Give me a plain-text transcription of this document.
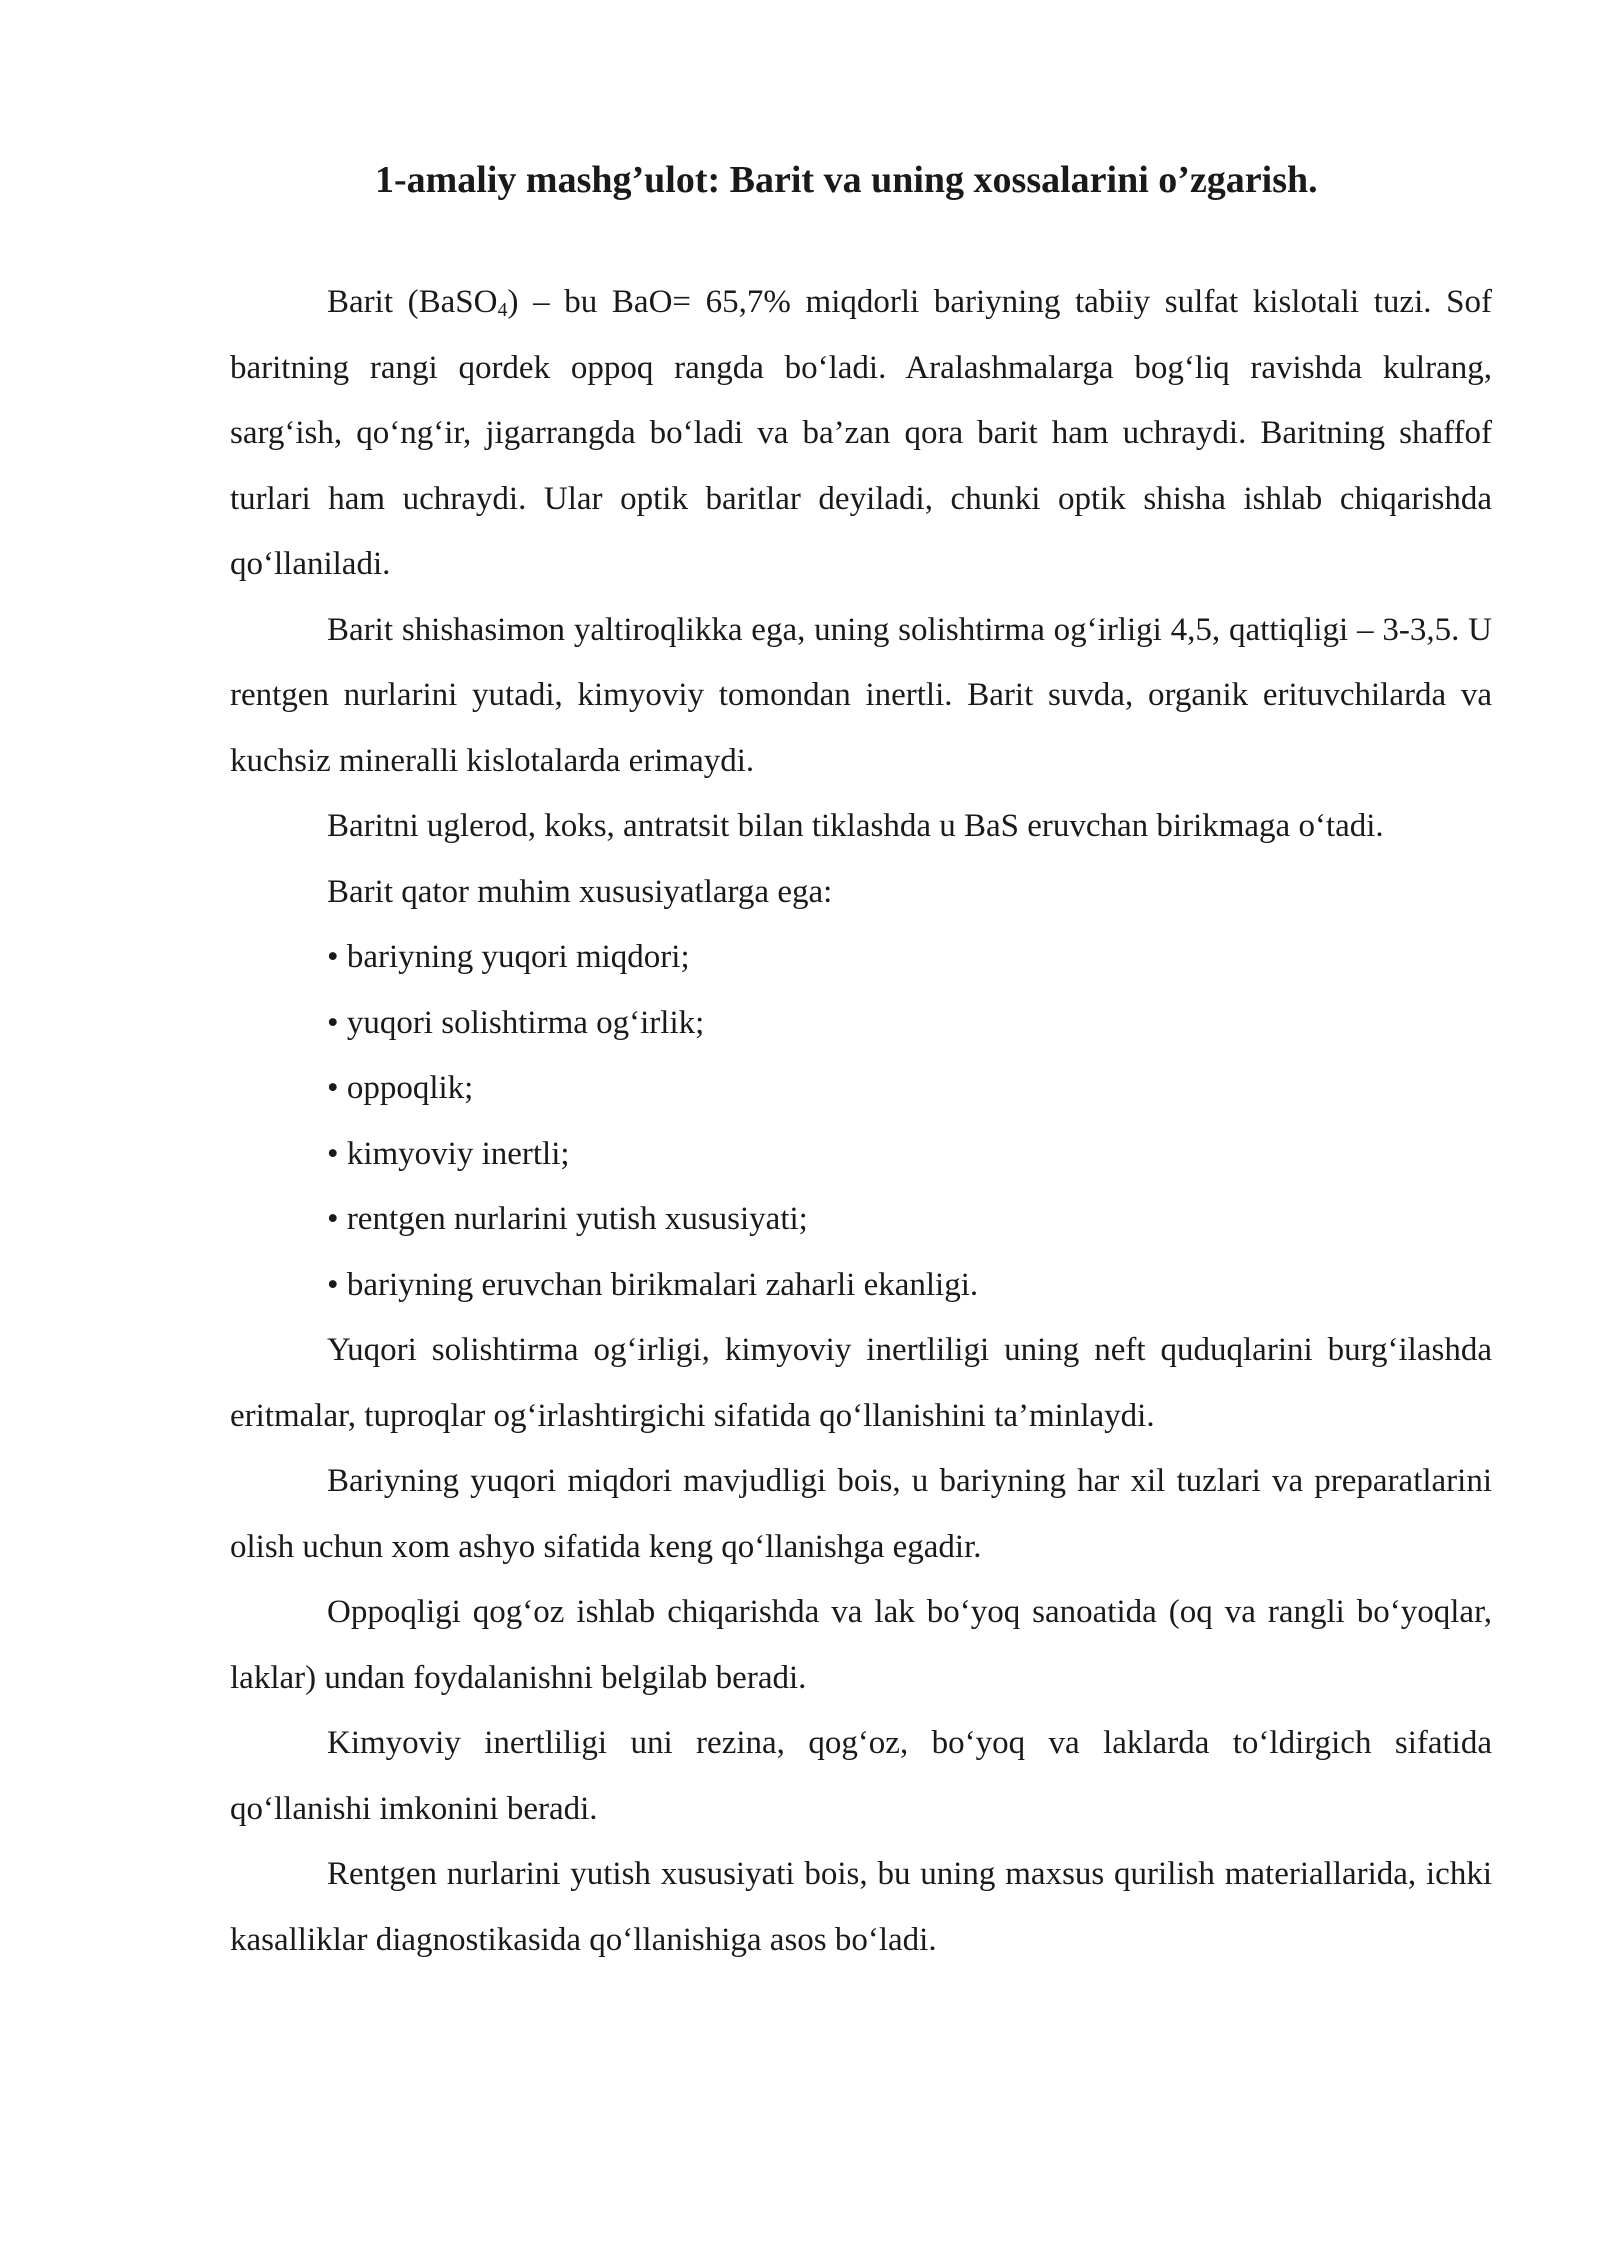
1-amaliy mashg’ulot: Barit va uning xossalarini o’zgarish.

Barit (BaSO$_4$) – bu BaO= 65,7% miqdorli bariyning tabiiy sulfat kislotali tuzi. Sof baritning rangi qordek oppoq rangda bo‘ladi. Aralashmalarga bog‘liq ravishda kulrang, sarg‘ish, qo‘ng‘ir, jigarrangda bo‘ladi va ba’zan qora barit ham uchraydi. Baritning shaffof turlari ham uchraydi. Ular optik baritlar deyiladi, chunki optik shisha ishlab chiqarishda qo‘llaniladi.

Barit shishasimon yaltiroqlikka ega, uning solishtirma og‘irligi 4,5, qattiqligi – 3-3,5. U rentgen nurlarini yutadi, kimyoviy tomondan inertli. Barit suvda, organik erituvchilarda va kuchsiz mineralli kislotalarda erimaydi.

Baritni uglerod, koks, antratsit bilan tiklashda u BaS eruvchan birikmaga o‘tadi.

Barit qator muhim xususiyatlarga ega:

• bariyning yuqori miqdori;
• yuqori solishtirma og‘irlik;
• oppoqlik;
• kimyoviy inertli;
• rentgen nurlarini yutish xususiyati;
• bariyning eruvchan birikmalari zaharli ekanligi.

Yuqori solishtirma og‘irligi, kimyoviy inertliligi uning neft quduqlarini burg‘ilashda eritmalar, tuproqlar og‘irlashtirgichi sifatida qo‘llanishini ta’minlaydi.

Bariyning yuqori miqdori mavjudligi bois, u bariyning har xil tuzlari va preparatlarini olish uchun xom ashyo sifatida keng qo‘llanishga egadir.

Oppoqligi qog‘oz ishlab chiqarishda va lak bo‘yoq sanoatida (oq va rangli bo‘yoqlar, laklar) undan foydalanishni belgilab beradi.

Kimyoviy inertliligi uni rezina, qog‘oz, bo‘yoq va laklarda to‘ldirgich sifatida qo‘llanishi imkonini beradi.

Rentgen nurlarini yutish xususiyati bois, bu uning maxsus qurilish materiallarida, ichki kasalliklar diagnostikasida qo‘llanishiga asos bo‘ladi.
